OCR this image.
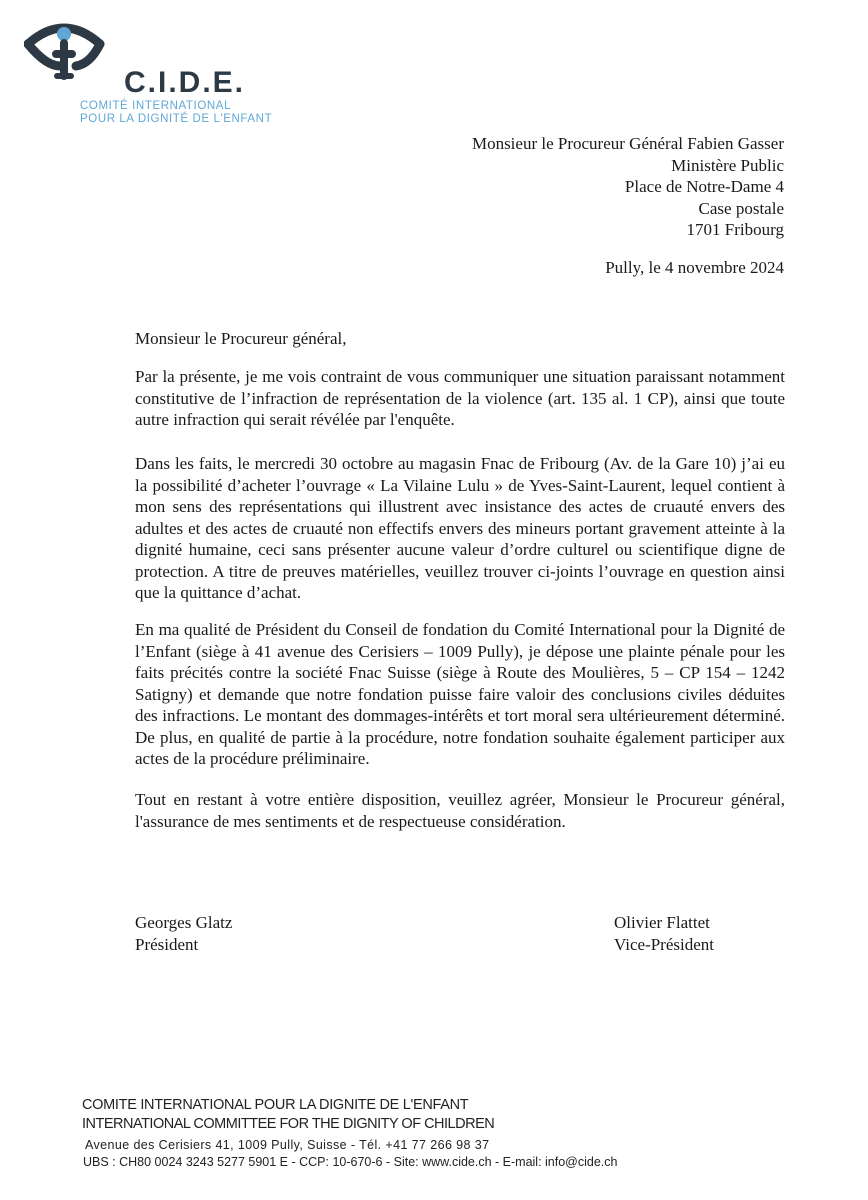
C.I.D.E.
COMITÉ INTERNATIONAL
POUR LA DIGNITÉ DE L'ENFANT
Monsieur le Procureur Général Fabien Gasser
Ministère Public
Place de Notre-Dame 4
Case postale
1701 Fribourg
Pully, le 4 novembre 2024
Monsieur le Procureur général,

Par la présente, je me vois contraint de vous communiquer une situation paraissant notamment constitutive de l’infraction de représentation de la violence (art. 135 al. 1 CP), ainsi que toute autre infraction qui serait révélée par l'enquête.

Dans les faits, le mercredi 30 octobre au magasin Fnac de Fribourg (Av. de la Gare 10) j’ai eu la possibilité d’acheter l’ouvrage « La Vilaine Lulu » de Yves-Saint-Laurent, lequel contient à mon sens des représentations qui illustrent avec insistance des actes de cruauté envers des adultes et des actes de cruauté non effectifs envers des mineurs portant gravement atteinte à la dignité humaine, ceci sans présenter aucune valeur d’ordre culturel ou scientifique digne de protection. A titre de preuves matérielles, veuillez trouver ci-joints l’ouvrage en question ainsi que la quittance d’achat.

En ma qualité de Président du Conseil de fondation du Comité International pour la Dignité de l’Enfant (siège à 41 avenue des Cerisiers – 1009 Pully), je dépose une plainte pénale pour les faits précités contre la société Fnac Suisse (siège à Route des Moulières, 5 – CP 154 – 1242 Satigny) et demande que notre fondation puisse faire valoir des conclusions civiles déduites des infractions. Le montant des dommages-intérêts et tort moral sera ultérieurement déterminé. De plus, en qualité de partie à la procédure, notre fondation souhaite également participer aux actes de la procédure préliminaire.

Tout en restant à votre entière disposition, veuillez agréer, Monsieur le Procureur général, l'assurance de mes sentiments et de respectueuse considération.

Georges Glatz
Président
Olivier Flattet
Vice-Président
COMITE INTERNATIONAL POUR LA DIGNITE DE L'ENFANT
INTERNATIONAL COMMITTEE FOR THE DIGNITY OF CHILDREN
Avenue des Cerisiers 41, 1009 Pully, Suisse - Tél. +41 77 266 98 37
UBS : CH80 0024 3243 5277 5901 E - CCP: 10-670-6 - Site: www.cide.ch - E-mail: info@cide.ch
